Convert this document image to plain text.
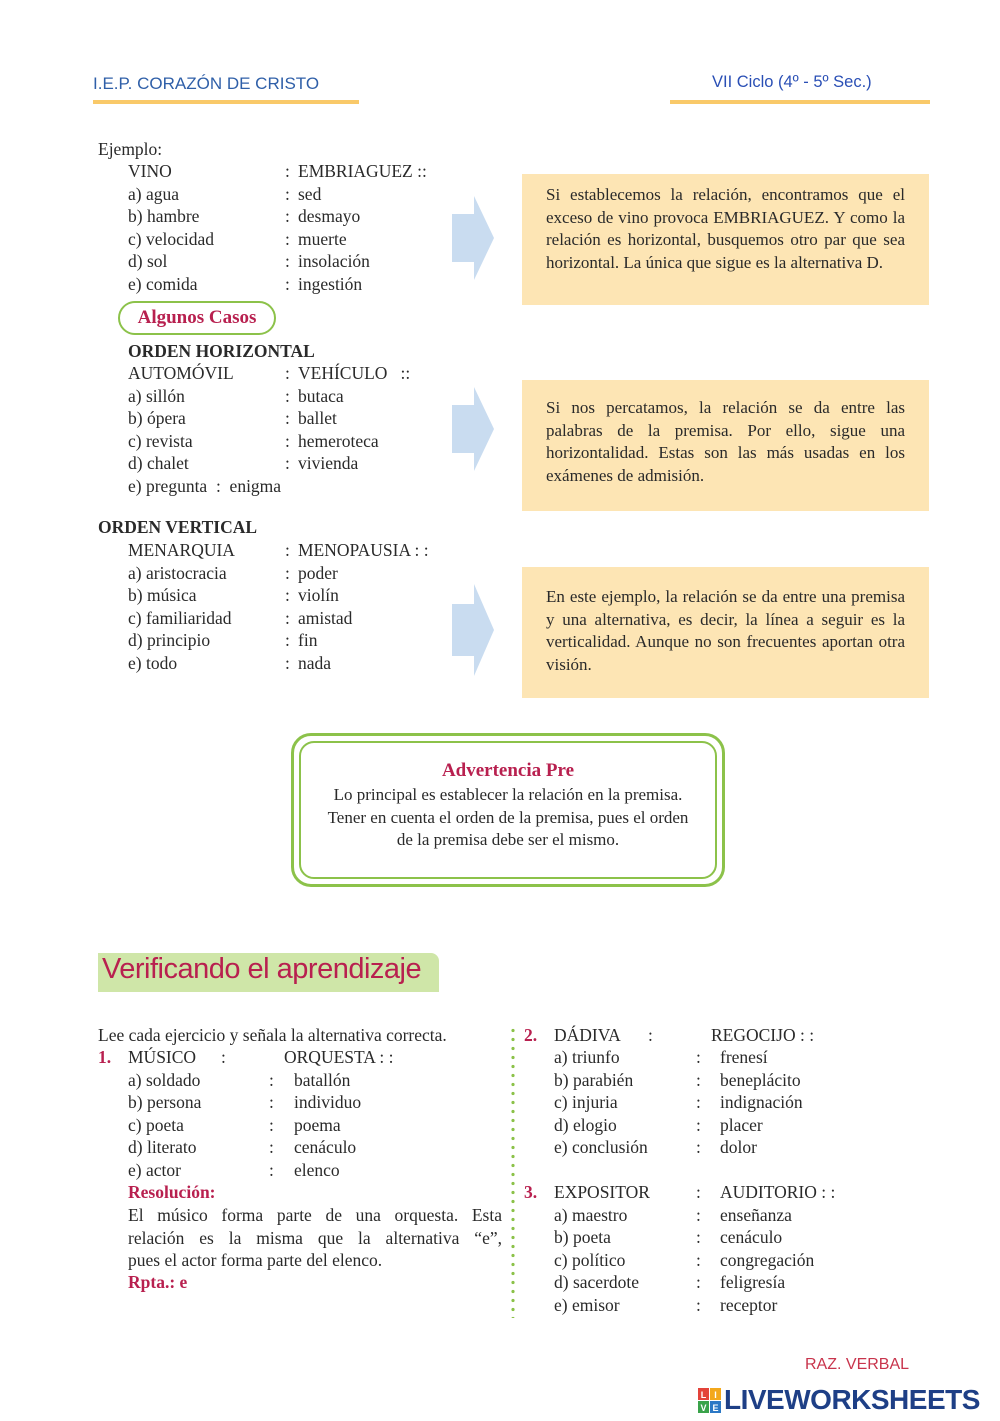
I.E.P. CORAZÓN DE CRISTO	VII Ciclo (4º - 5º Sec.)
Ejemplo:
VINO	: EMBRIAGUEZ ::
a) agua	: sed
b) hambre	: desmayo
c) velocidad	: muerte
d) sol	: insolación
e) comida	: ingestión
Si establecemos la relación, encontramos que el exceso de vino provoca EMBRIAGUEZ. Y como la relación es horizontal, busquemos otro par que sea horizontal. La única que sigue es la alternativa D.
Algunos Casos
ORDEN HORIZONTAL
AUTOMÓVIL	: VEHÍCULO   ::
a) sillón	: butaca
b) ópera	: ballet
c) revista	: hemeroteca
d) chalet	: vivienda
e) pregunta  :  enigma
Si nos percatamos, la relación se da entre las palabras de la premisa. Por ello, sigue una horizontalidad. Estas son las más usadas en los exámenes de admisión.
ORDEN VERTICAL
MENARQUIA	: MENOPAUSIA : :
a) aristocracia	: poder
b) música	: violín
c) familiaridad	: amistad
d) principio	: fin
e) todo	: nada
En este ejemplo, la relación se da entre una premisa y una alternativa, es decir, la línea a seguir es la verticalidad. Aunque no son frecuentes aportan otra visión.
Advertencia Pre
Lo principal es establecer la relación en la premisa.
Tener en cuenta el orden de la premisa, pues el orden
de la premisa debe ser el mismo.
Verificando el aprendizaje
Lee cada ejercicio y señala la alternativa correcta.
1. MÚSICO :	ORQUESTA : :
a) soldado	: batallón
b) persona	: individuo
c) poeta	: poema
d) literato	: cenáculo
e) actor	: elenco
Resolución:
El músico forma parte de una orquesta. Esta
relación es la misma que la alternativa “e”,
pues el actor forma parte del elenco.
Rpta.: e
2. DÁDIVA :	REGOCIJO : :
a) triunfo	: frenesí
b) parabién	: beneplácito
c) injuria	: indignación
d) elogio	: placer
e) conclusión	: dolor
3. EXPOSITOR	: AUDITORIO : :
a) maestro	: enseñanza
b) poeta	: cenáculo
c) político	: congregación
d) sacerdote	: feligresía
e) emisor	: receptor
RAZ. VERBAL
L I
V E LIVEWORKSHEETS
